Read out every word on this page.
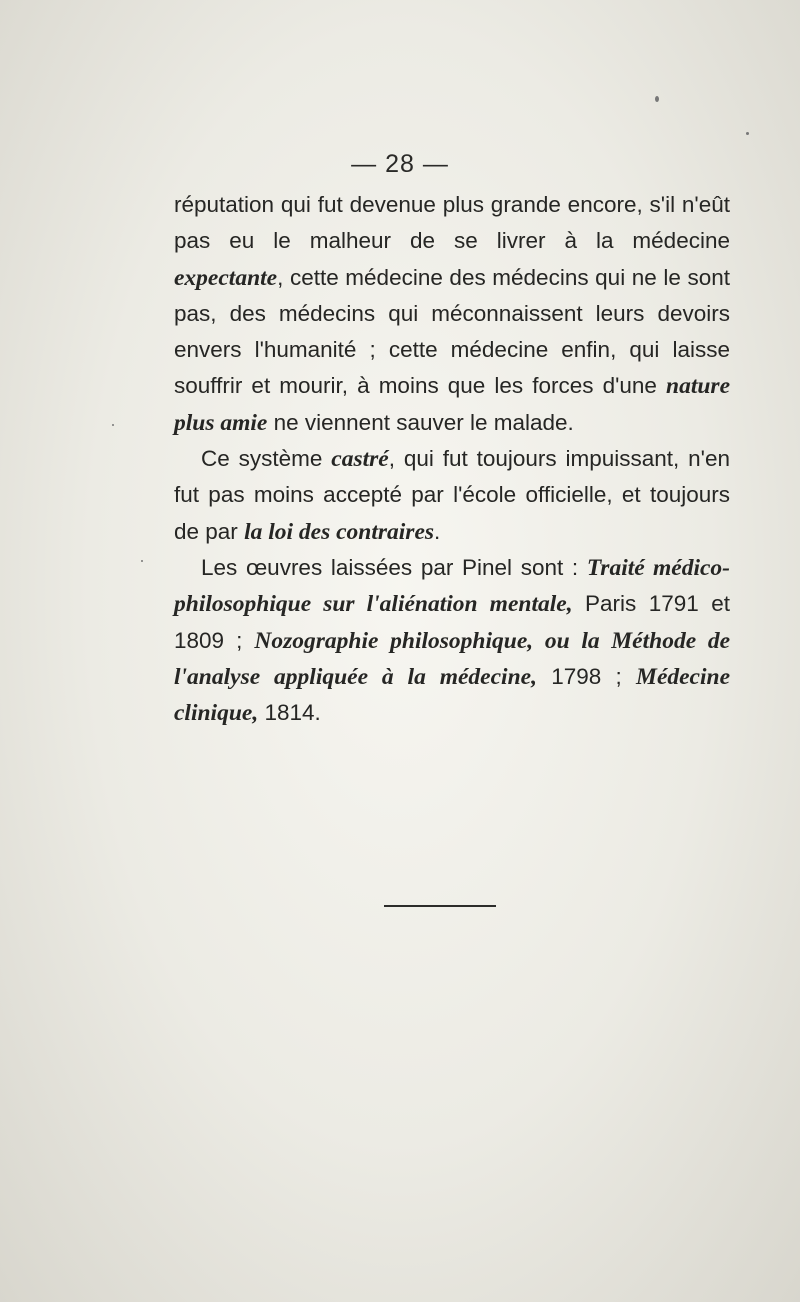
— 28 —

réputation qui fut devenue plus grande encore, s'il n'eût pas eu le malheur de se livrer à la médecine expectante, cette médecine des médecins qui ne le sont pas, des médecins qui méconnaissent leurs devoirs envers l'humanité ; cette médecine enfin, qui laisse souffrir et mourir, à moins que les forces d'une nature plus amie ne viennent sauver le malade.

Ce système castré, qui fut toujours impuissant, n'en fut pas moins accepté par l'école officielle, et toujours de par la loi des contraires.

Les œuvres laissées par Pinel sont : Traité médico-philosophique sur l'aliénation mentale, Paris 1791 et 1809 ; Nozographie philosophique, ou la Méthode de l'analyse appliquée à la médecine, 1798 ; Médecine clinique, 1814.
